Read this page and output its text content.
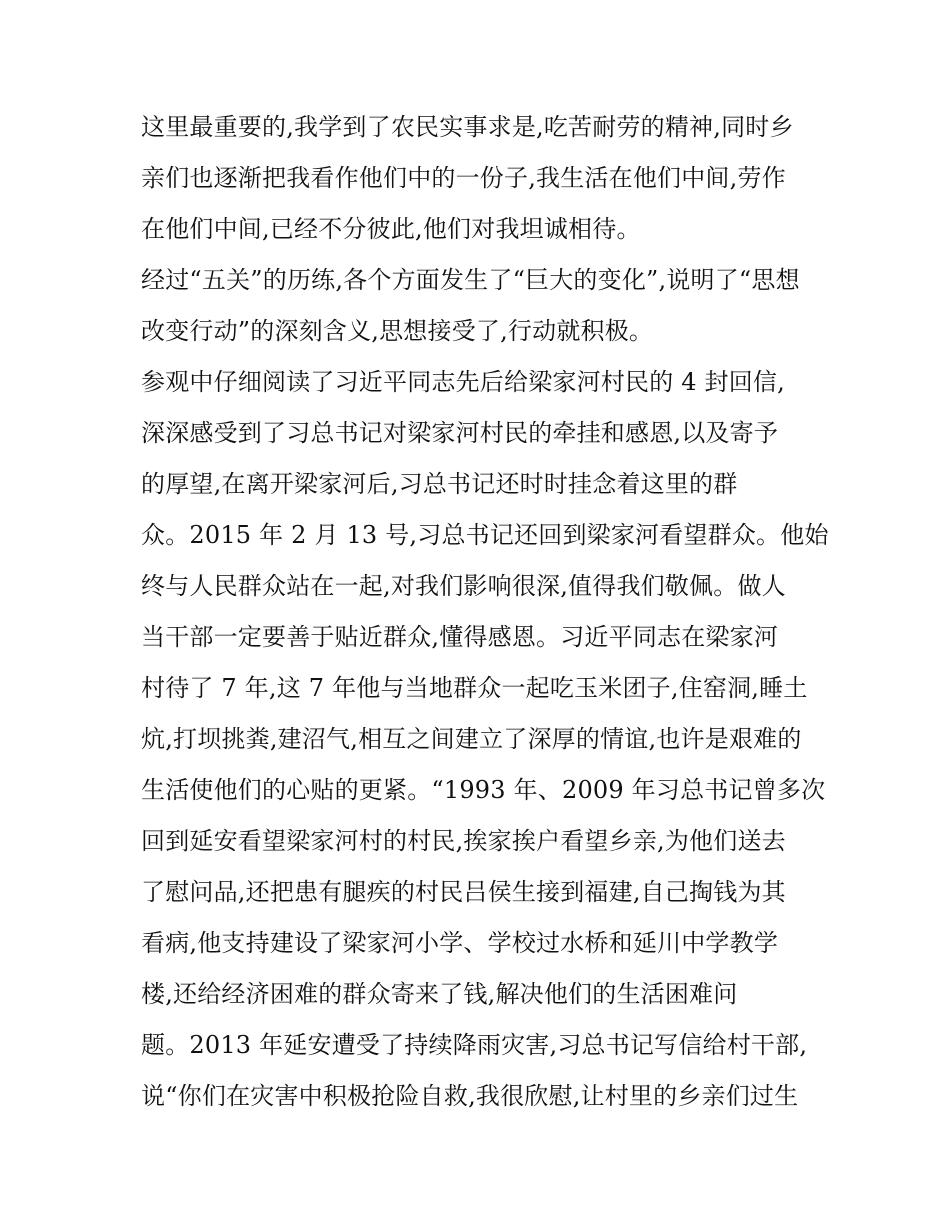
这里最重要的,我学到了农民实事求是,吃苦耐劳的精神,同时乡
亲们也逐渐把我看作他们中的一份子,我生活在他们中间,劳作
在他们中间,已经不分彼此,他们对我坦诚相待。
经过“五关”的历练,各个方面发生了“巨大的变化”,说明了“思想
改变行动”的深刻含义,思想接受了,行动就积极。
参观中仔细阅读了习近平同志先后给梁家河村民的 4 封回信,
深深感受到了习总书记对梁家河村民的牵挂和感恩,以及寄予
的厚望,在离开梁家河后,习总书记还时时挂念着这里的群
众。2015 年 2 月 13 号,习总书记还回到梁家河看望群众。他始
终与人民群众站在一起,对我们影响很深,值得我们敬佩。做人
当干部一定要善于贴近群众,懂得感恩。习近平同志在梁家河
村待了 7 年,这 7 年他与当地群众一起吃玉米团子,住窑洞,睡土
炕,打坝挑粪,建沼气,相互之间建立了深厚的情谊,也许是艰难的
生活使他们的心贴的更紧。“1993 年、2009 年习总书记曾多次
回到延安看望梁家河村的村民,挨家挨户看望乡亲,为他们送去
了慰问品,还把患有腿疾的村民吕侯生接到福建,自己掏钱为其
看病,他支持建设了梁家河小学、学校过水桥和延川中学教学
楼,还给经济困难的群众寄来了钱,解决他们的生活困难问
题。2013 年延安遭受了持续降雨灾害,习总书记写信给村干部,
说“你们在灾害中积极抢险自救,我很欣慰,让村里的乡亲们过生
